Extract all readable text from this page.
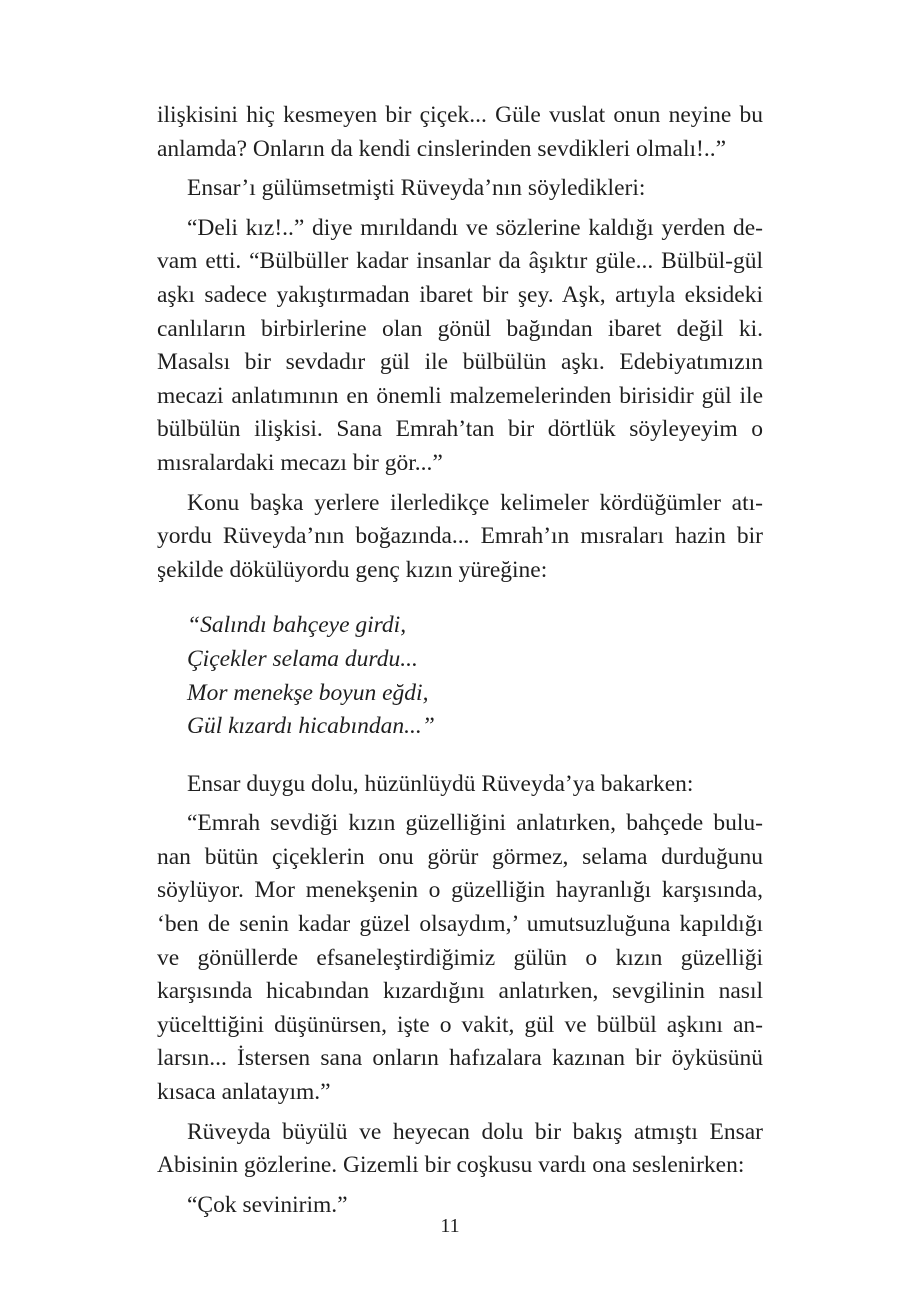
ilişkisini hiç kesmeyen bir çiçek... Güle vuslat onun neyine bu anlamda? Onların da kendi cinslerinden sevdikleri olmalı!..”

Ensar’ı gülümsetmişti Rüveyda’nın söyledikleri:

“Deli kız!..” diye mırıldandı ve sözlerine kaldığı yerden devam etti. “Bülbüller kadar insanlar da âşıktır güle... Bülbül-gül aşkı sadece yakıştırmadan ibaret bir şey. Aşk, artıyla eksideki canlıların birbirlerine olan gönül bağından ibaret değil ki. Masalsı bir sevdadır gül ile bülbülün aşkı. Edebiyatımızın mecazi anlatımının en önemli malzemelerinden birisidir gül ile bülbülün ilişkisi. Sana Emrah’tan bir dörtlük söyleyeyim o mısralardaki mecazı bir gör...”

Konu başka yerlere ilerledikçe kelimeler kördüğümler atıyordu Rüveyda’nın boğazında... Emrah’ın mısraları hazin bir şekilde dökülüyordu genç kızın yüreğine:

“Salındı bahçeye girdi,
Çiçekler selama durdu...
Mor menekşe boyun eğdi,
Gül kızardı hicabından...”

Ensar duygu dolu, hüzünlüydü Rüveyda’ya bakarken:

“Emrah sevdiği kızın güzelliğini anlatırken, bahçede bulunan bütün çiçeklerin onu görür görmez, selama durduğunu söylüyor. Mor menekşenin o güzelliğin hayranlığı karşısında, ‘ben de senin kadar güzel olsaydım,’ umutsuzluğuna kapıldığı ve gönüllerde efsaneleştirdiğimiz gülün o kızın güzelliği karşısında hicabından kızardığını anlatırken, sevgilinin nasıl yücelttiğini düşünürsen, işte o vakit, gül ve bülbül aşkını anlarsın... İstersen sana onların hafızalara kazınan bir öyküsünü kısaca anlatayım.”

Rüveyda büyülü ve heyecan dolu bir bakış atmıştı Ensar Abisinin gözlerine. Gizemli bir coşkusu vardı ona seslenirken:

“Çok sevinirim.”

11
